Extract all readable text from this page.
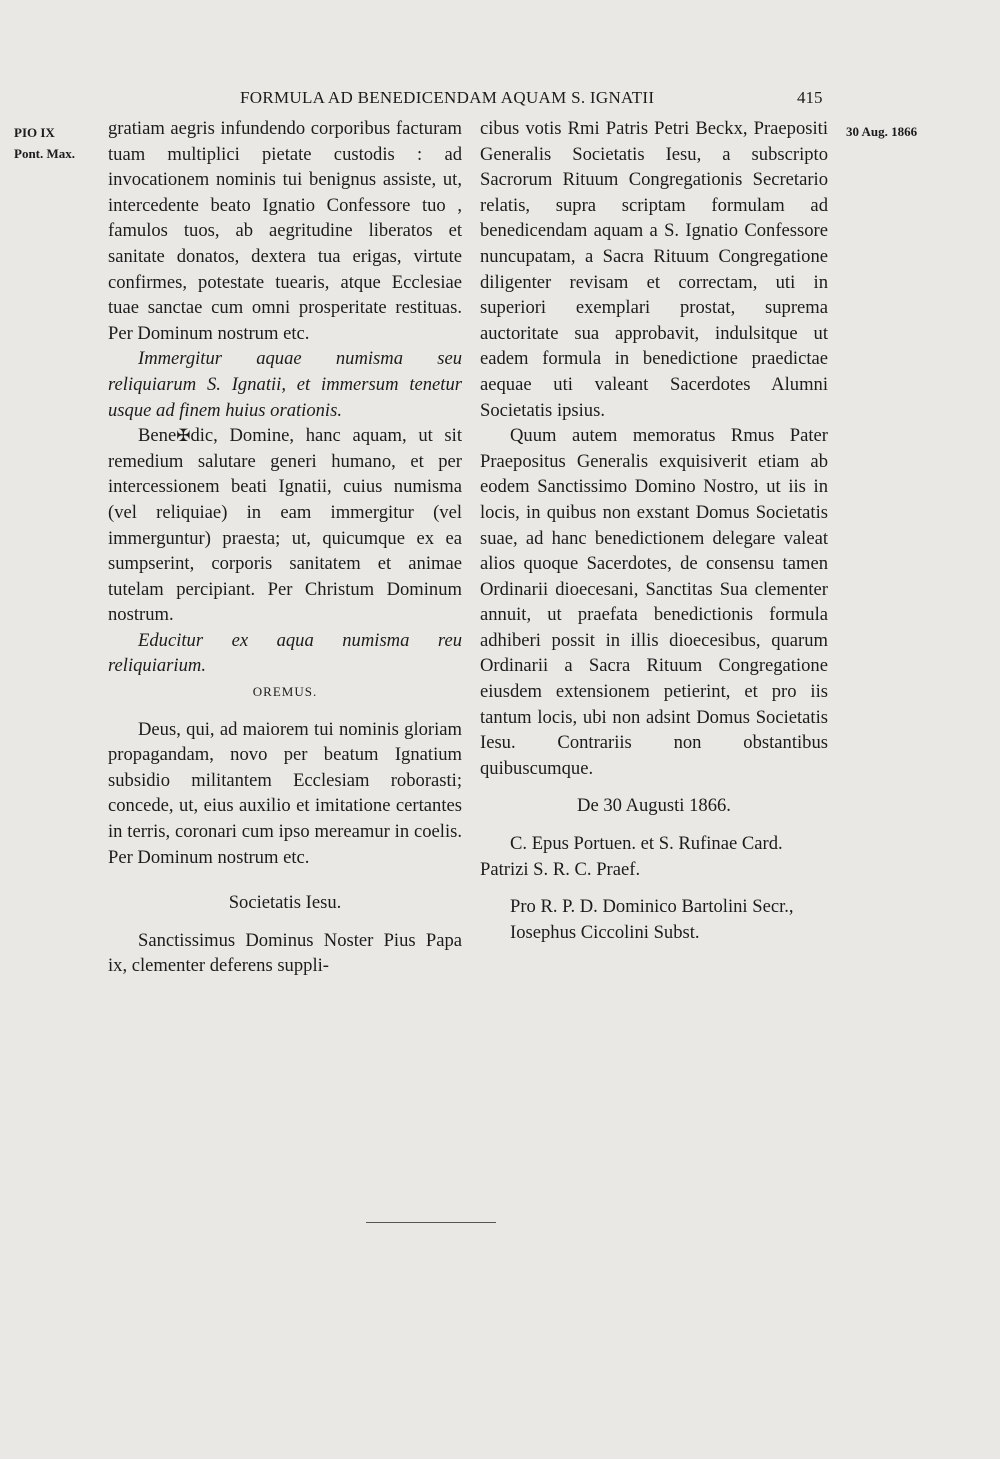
FORMULA AD BENEDICENDAM AQUAM S. IGNATII	415
PIO IX
Pont. Max.
30 Aug. 1866

gratiam aegris infundendo corporibus facturam tuam multiplici pietate custodis : ad invocationem nominis tui benignus assiste, ut, intercedente beato Ignatio Confessore tuo , famulos tuos, ab aegritudine liberatos et sanitate donatos, dextera tua erigas, virtute confirmes, potestate tuearis, atque Ecclesiae tuae sanctae cum omni prosperitate restituas. Per Dominum nostrum etc.

Immergitur aquae numisma seu reliquiarum S. Ignatii, et immersum tenetur usque ad finem huius orationis.

Bene✠dic, Domine, hanc aquam, ut sit remedium salutare generi humano, et per intercessionem beati Ignatii, cuius numisma (vel reliquiae) in eam immergitur (vel immerguntur) praesta; ut, quicumque ex ea sumpserint, corporis sanitatem et animae tutelam percipiant. Per Christum Dominum nostrum.

Educitur ex aqua numisma reu reliquiarium.

OREMUS.

Deus, qui, ad maiorem tui nominis gloriam propagandam, novo per beatum Ignatium subsidio militantem Ecclesiam roborasti; concede, ut, eius auxilio et imitatione certantes in terris, coronari cum ipso mereamur in coelis. Per Dominum nostrum etc.

Societatis Iesu.

Sanctissimus Dominus Noster Pius Papa ix, clementer deferens suppli-

cibus votis Rmi Patris Petri Beckx, Praepositi Generalis Societatis Iesu, a subscripto Sacrorum Rituum Congregationis Secretario relatis, supra scriptam formulam ad benedicendam aquam a S. Ignatio Confessore nuncupatam, a Sacra Rituum Congregatione diligenter revisam et correctam, uti in superiori exemplari prostat, suprema auctoritate sua approbavit, indulsitque ut eadem formula in benedictione praedictae aequae uti valeant Sacerdotes Alumni Societatis ipsius.

Quum autem memoratus Rmus Pater Praepositus Generalis exquisiverit etiam ab eodem Sanctissimo Domino Nostro, ut iis in locis, in quibus non exstant Domus Societatis suae, ad hanc benedictionem delegare valeat alios quoque Sacerdotes, de consensu tamen Ordinarii dioecesani, Sanctitas Sua clementer annuit, ut praefata benedictionis formula adhiberi possit in illis dioecesibus, quarum Ordinarii a Sacra Rituum Congregatione eiusdem extensionem petierint, et pro iis tantum locis, ubi non adsint Domus Societatis Iesu. Contrariis non obstantibus quibuscumque.

De 30 Augusti 1866.

C. Epus Portuen. et S. Rufinae Card. Patrizi S. R. C. Praef.

Pro R. P. D. Dominico Bartolini Secr.,

Iosephus Ciccolini Subst.
